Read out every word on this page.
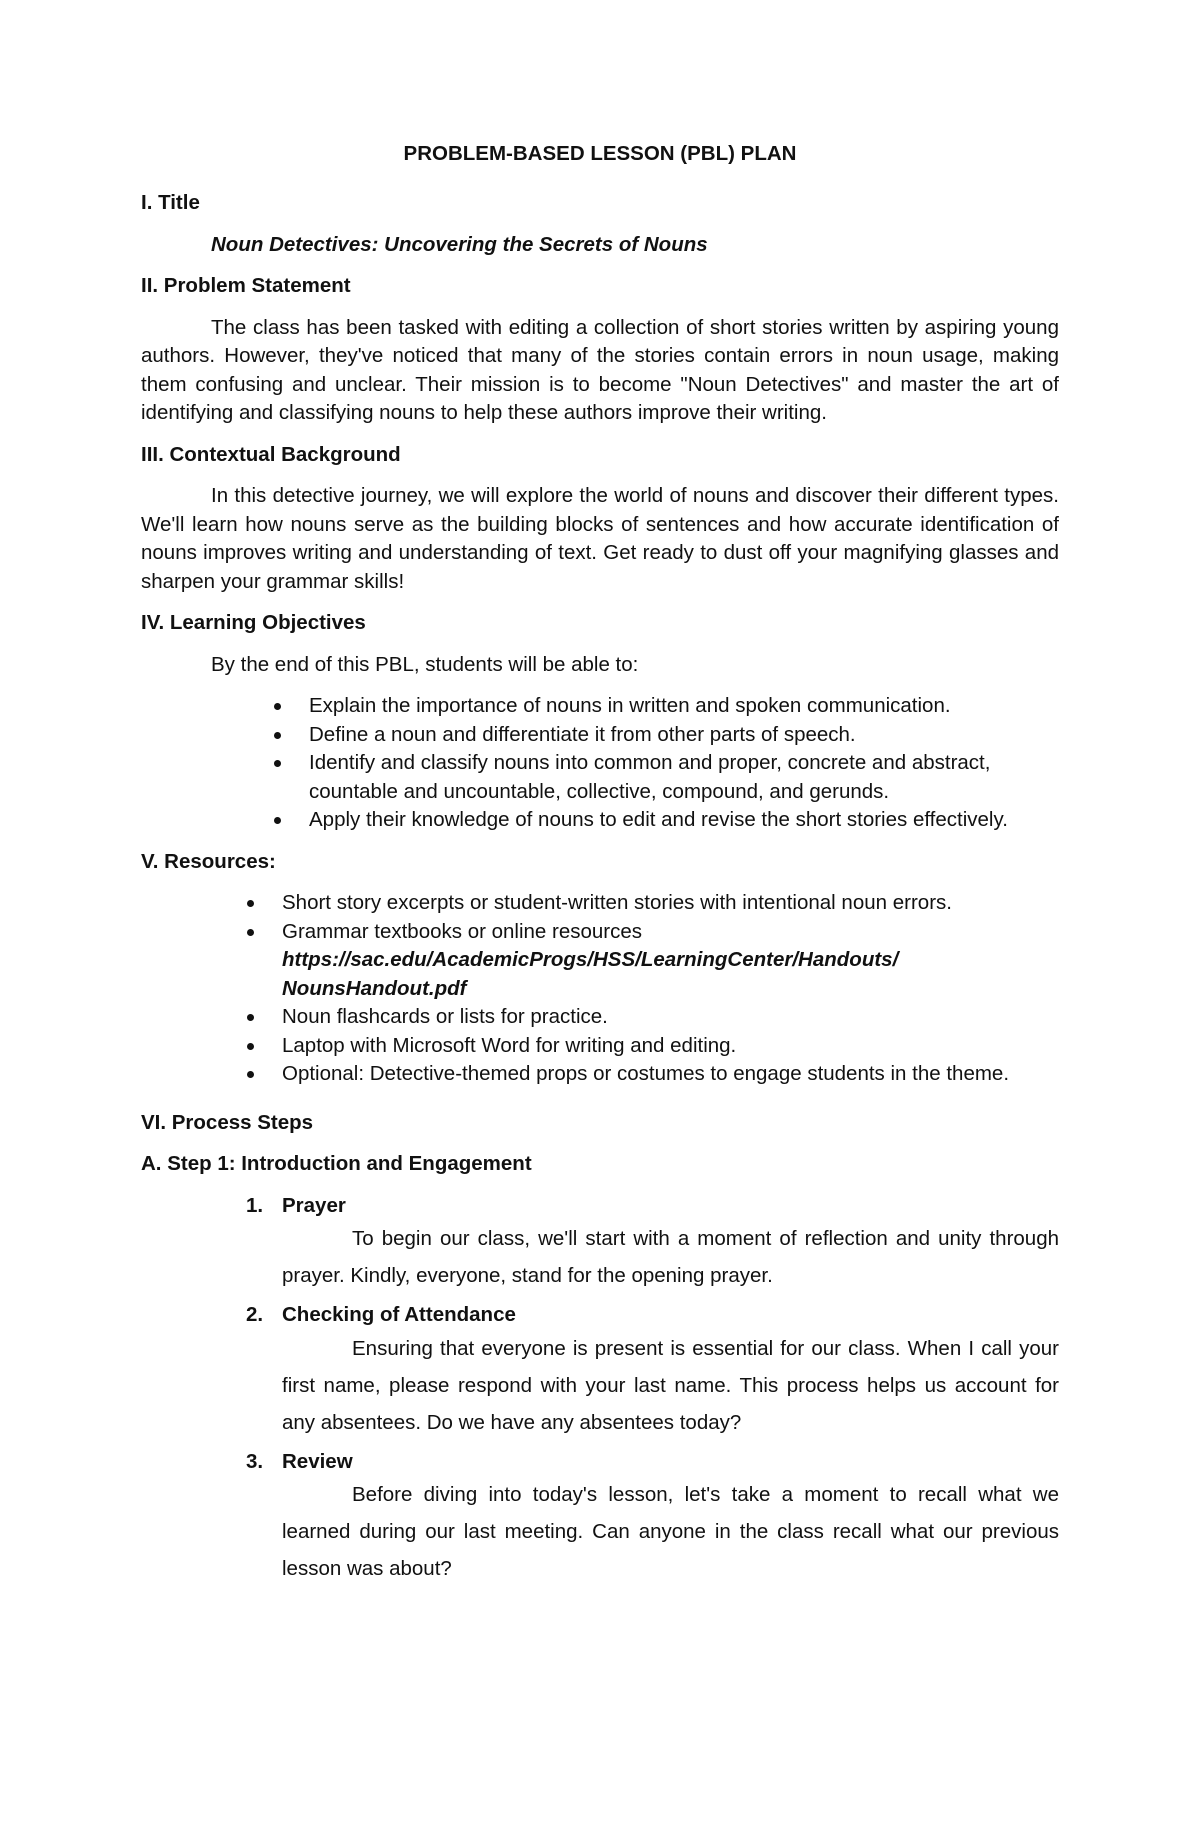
PROBLEM-BASED LESSON (PBL) PLAN

I. Title

Noun Detectives: Uncovering the Secrets of Nouns

II. Problem Statement

The class has been tasked with editing a collection of short stories written by aspiring young authors. However, they've noticed that many of the stories contain errors in noun usage, making them confusing and unclear. Their mission is to become "Noun Detectives" and master the art of identifying and classifying nouns to help these authors improve their writing.

III. Contextual Background

In this detective journey, we will explore the world of nouns and discover their different types. We'll learn how nouns serve as the building blocks of sentences and how accurate identification of nouns improves writing and understanding of text. Get ready to dust off your magnifying glasses and sharpen your grammar skills!

IV. Learning Objectives

By the end of this PBL, students will be able to:

Explain the importance of nouns in written and spoken communication.
Define a noun and differentiate it from other parts of speech.
Identify and classify nouns into common and proper, concrete and abstract, countable and uncountable, collective, compound, and gerunds.
Apply their knowledge of nouns to edit and revise the short stories effectively.

V. Resources:

Short story excerpts or student-written stories with intentional noun errors.
Grammar textbooks or online resources
https://sac.edu/AcademicProgs/HSS/LearningCenter/Handouts/
NounsHandout.pdf
Noun flashcards or lists for practice.
Laptop with Microsoft Word for writing and editing.
Optional: Detective-themed props or costumes to engage students in the theme.

VI. Process Steps

A. Step 1: Introduction and Engagement

1. Prayer

To begin our class, we'll start with a moment of reflection and unity through prayer. Kindly, everyone, stand for the opening prayer.

2. Checking of Attendance

Ensuring that everyone is present is essential for our class. When I call your first name, please respond with your last name. This process helps us account for any absentees. Do we have any absentees today?

3. Review

Before diving into today's lesson, let's take a moment to recall what we learned during our last meeting. Can anyone in the class recall what our previous lesson was about?
